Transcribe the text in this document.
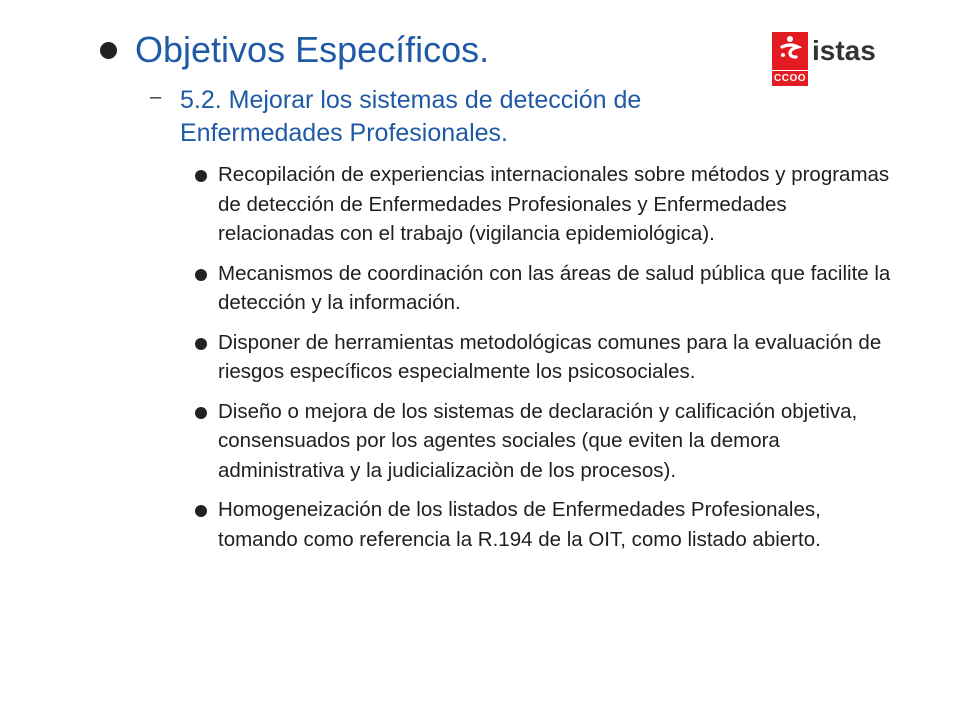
Objetivos Específicos.
CCOO
istas
– 5.2. Mejorar los sistemas de detección de Enfermedades Profesionales.
Recopilación de experiencias internacionales sobre métodos y programas de detección de Enfermedades Profesionales y Enfermedades relacionadas con el trabajo (vigilancia epidemiológica).
Mecanismos de coordinación con las áreas de salud pública que facilite la detección y la información.
Disponer de herramientas metodológicas comunes para la evaluación de riesgos específicos especialmente los psicosociales.
Diseño o mejora de los sistemas de declaración y calificación objetiva, consensuados por los agentes sociales (que eviten la demora administrativa y la judicializaciòn de los procesos).
Homogeneización de los listados de Enfermedades Profesionales, tomando como referencia la R.194 de la OIT, como listado abierto.
